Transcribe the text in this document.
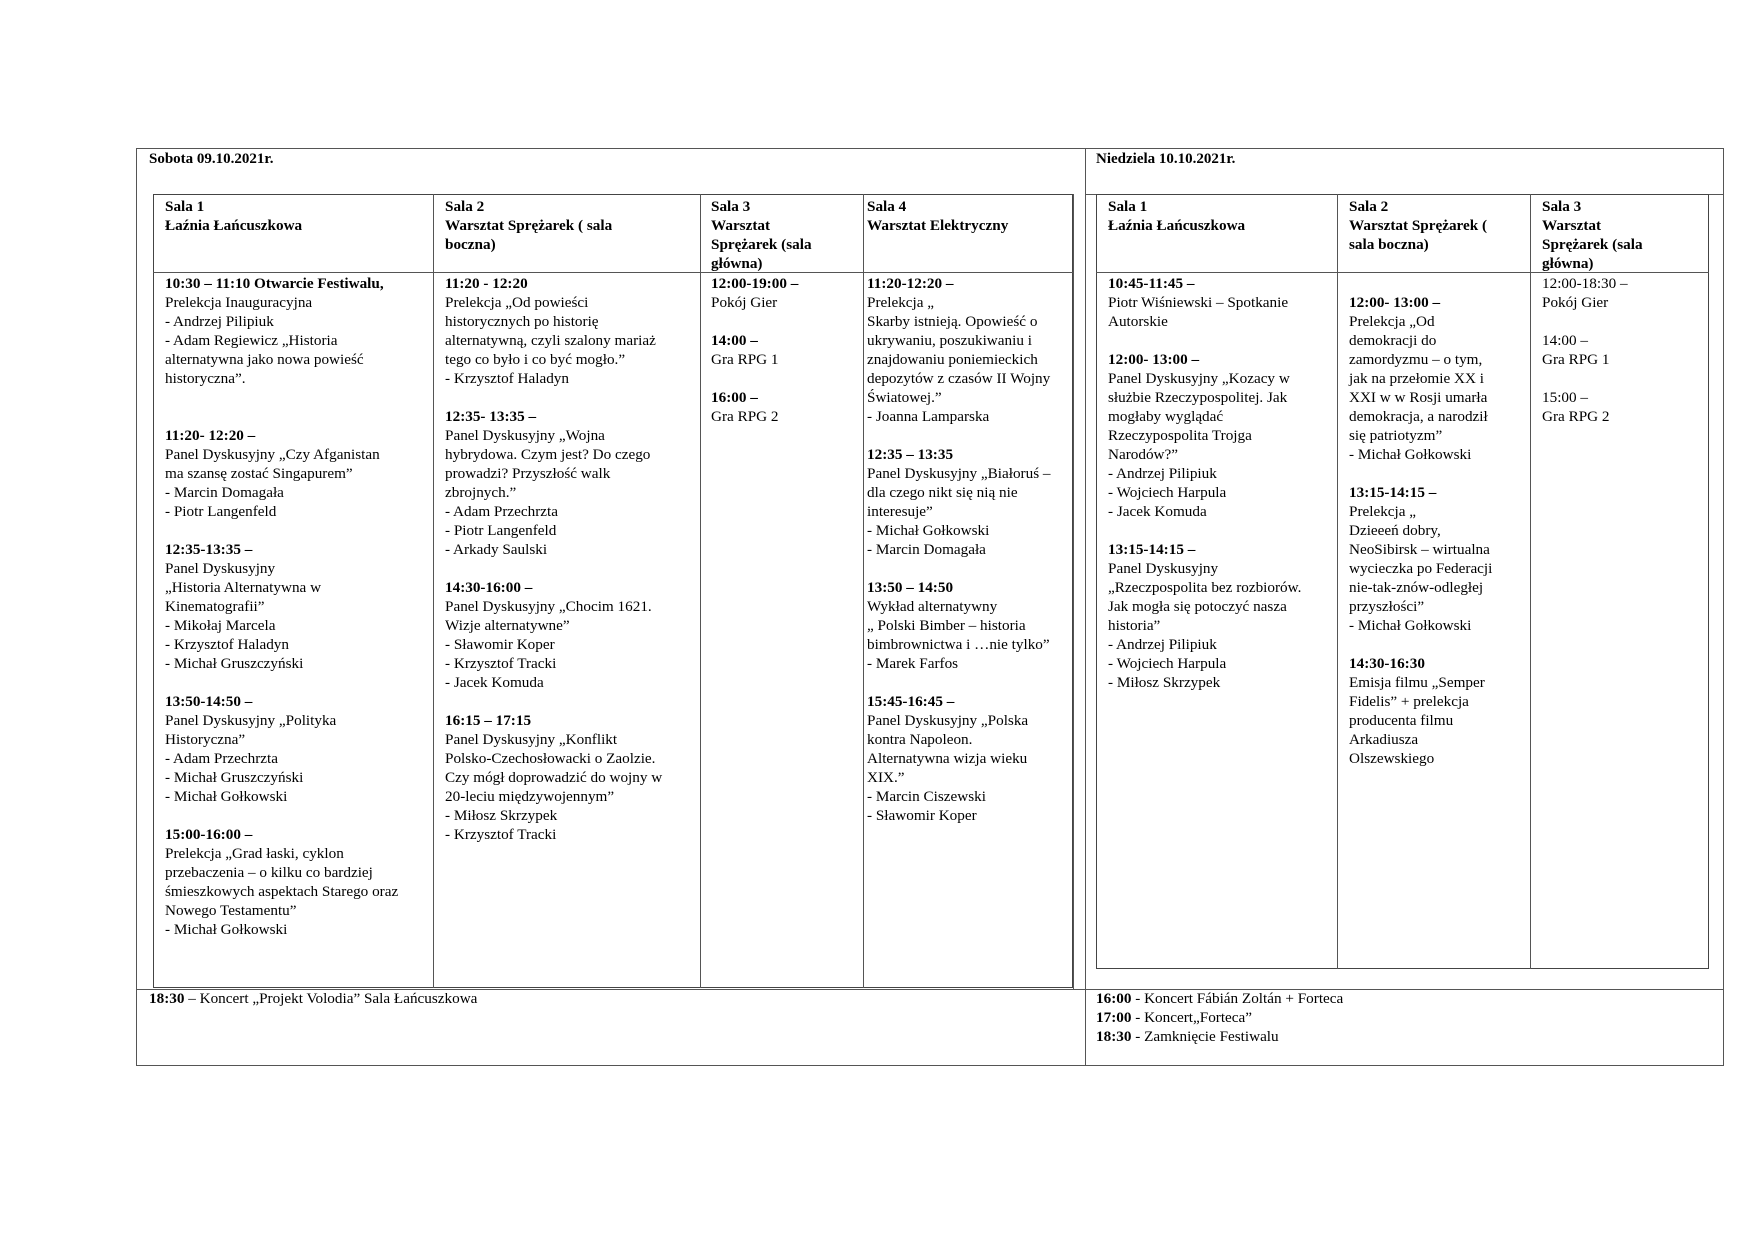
Sobota 09.10.2021r.	Niedziela 10.10.2021r.
Sala 1
Łaźnia Łańcuszkowa
Sala 2
Warsztat Sprężarek ( sala
boczna)
Sala 3
Warsztat
Sprężarek (sala
główna)
Sala 4
Warsztat Elektryczny
10:30 – 11:10 Otwarcie Festiwalu,
Prelekcja Inauguracyjna
- Andrzej Pilipiuk
- Adam Regiewicz „Historia
alternatywna jako nowa powieść
historyczna”.
11:20- 12:20 –
Panel Dyskusyjny „Czy Afganistan
ma szansę zostać Singapurem”
- Marcin Domagała
- Piotr Langenfeld
12:35-13:35 –
Panel Dyskusyjny
„Historia Alternatywna w
Kinematografii”
- Mikołaj Marcela
- Krzysztof Haladyn
- Michał Gruszczyński
13:50-14:50 –
Panel Dyskusyjny „Polityka
Historyczna”
- Adam Przechrzta
- Michał Gruszczyński
- Michał Gołkowski
15:00-16:00 –
Prelekcja „Grad łaski, cyklon
przebaczenia – o kilku co bardziej
śmieszkowych aspektach Starego oraz
Nowego Testamentu”
- Michał Gołkowski
11:20 - 12:20
Prelekcja „Od powieści
historycznych po historię
alternatywną, czyli szalony mariaż
tego co było i co być mogło.”
- Krzysztof Haladyn
12:35- 13:35 –
Panel Dyskusyjny „Wojna
hybrydowa. Czym jest? Do czego
prowadzi? Przyszłość walk
zbrojnych.”
- Adam Przechrzta
- Piotr Langenfeld
- Arkady Saulski
14:30-16:00 –
Panel Dyskusyjny „Chocim 1621.
Wizje alternatywne”
- Sławomir Koper
- Krzysztof Tracki
- Jacek Komuda
16:15 – 17:15
Panel Dyskusyjny „Konflikt
Polsko-Czechosłowacki o Zaolzie.
Czy mógł doprowadzić do wojny w
20-leciu międzywojennym”
- Miłosz Skrzypek
- Krzysztof Tracki
12:00-19:00 –
Pokój Gier
14:00 –
Gra RPG 1
16:00 –
Gra RPG 2
11:20-12:20 –
Prelekcja „
Skarby istnieją. Opowieść o
ukrywaniu, poszukiwaniu i
znajdowaniu poniemieckich
depozytów z czasów II Wojny
Światowej.”
- Joanna Lamparska
12:35 – 13:35
Panel Dyskusyjny „Białoruś –
dla czego nikt się nią nie
interesuje”
- Michał Gołkowski
- Marcin Domagała
13:50 – 14:50
Wykład alternatywny
„ Polski Bimber – historia
bimbrownictwa i …nie tylko”
- Marek Farfos
15:45-16:45 –
Panel Dyskusyjny „Polska
kontra Napoleon.
Alternatywna wizja wieku
XIX.”
- Marcin Ciszewski
- Sławomir Koper
Sala 1
Łaźnia Łańcuszkowa
Sala 2
Warsztat Sprężarek (
sala boczna)
Sala 3
Warsztat
Sprężarek (sala
główna)
10:45-11:45 –
Piotr Wiśniewski – Spotkanie
Autorskie
12:00- 13:00 –
Panel Dyskusyjny „Kozacy w
służbie Rzeczypospolitej. Jak
mogłaby wyglądać
Rzeczypospolita Trojga
Narodów?”
- Andrzej Pilipiuk
- Wojciech Harpula
- Jacek Komuda
13:15-14:15 –
Panel Dyskusyjny
„Rzeczpospolita bez rozbiorów.
Jak mogła się potoczyć nasza
historia”
- Andrzej Pilipiuk
- Wojciech Harpula
- Miłosz Skrzypek
12:00- 13:00 –
Prelekcja „Od
demokracji do
zamordyzmu – o tym,
jak na przełomie XX i
XXI w w Rosji umarła
demokracja, a narodził
się patriotyzm”
- Michał Gołkowski
13:15-14:15 –
Prelekcja „
Dzieeeń dobry,
NeoSibirsk – wirtualna
wycieczka po Federacji
nie-tak-znów-odległej
przyszłości”
- Michał Gołkowski
14:30-16:30
Emisja filmu „Semper
Fidelis” + prelekcja
producenta filmu
Arkadiusza
Olszewskiego
12:00-18:30 –
Pokój Gier
14:00 –
Gra RPG 1
15:00 –
Gra RPG 2
18:30 – Koncert „Projekt Volodia” Sala Łańcuszkowa	16:00 - Koncert Fábián Zoltán + Forteca
17:00 - Koncert„Forteca”
18:30 - Zamknięcie Festiwalu
